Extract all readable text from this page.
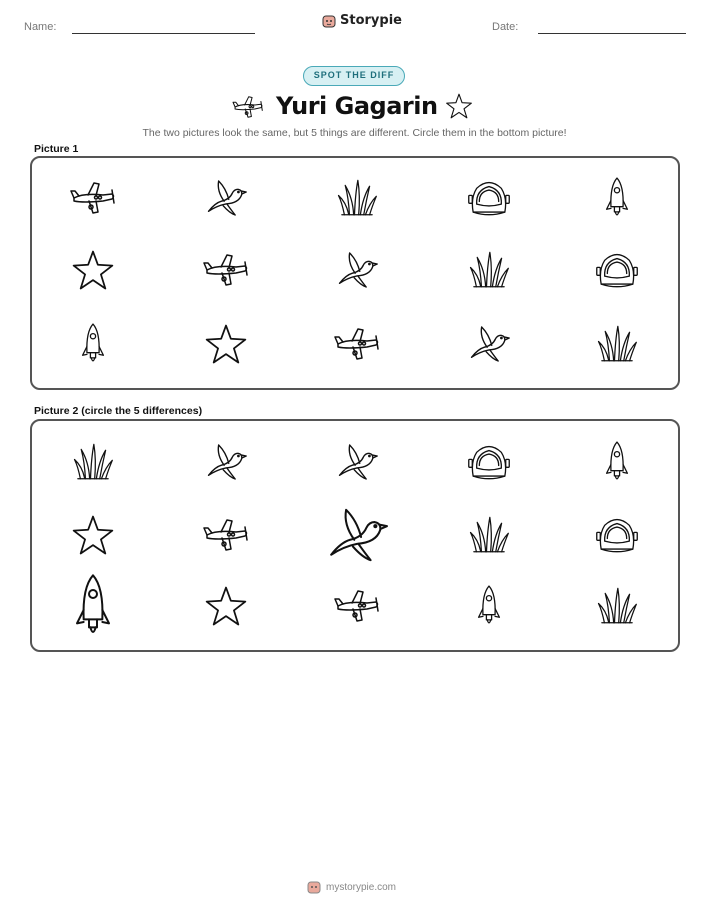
Name:	Storypie	Date:
SPOT THE DIFF
Yuri Gagarin
The two pictures look the same, but 5 things are different. Circle them in the bottom picture!
Picture 1
Picture 2 (circle the 5 differences)
mystorypie.com
